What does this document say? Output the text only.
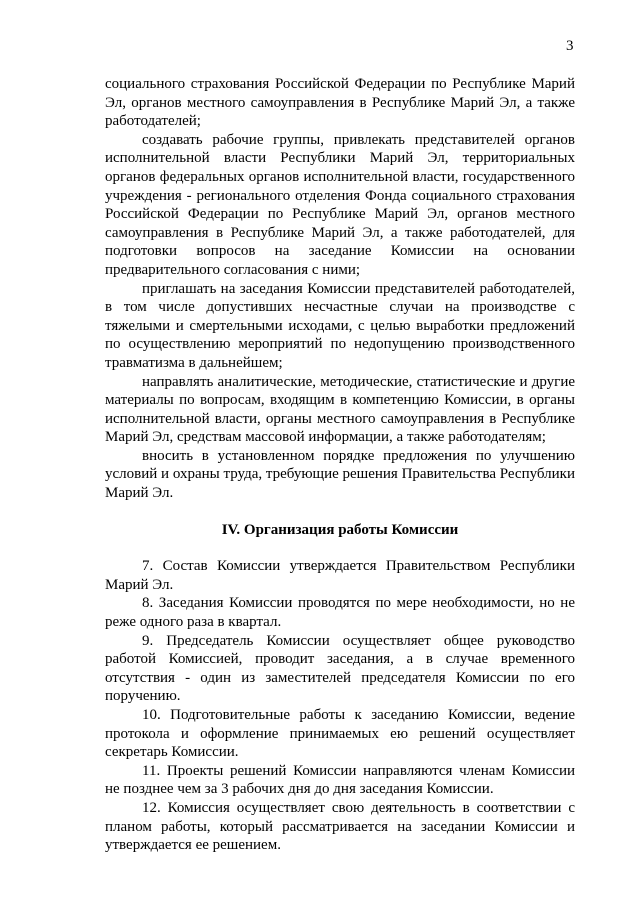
3

социального страхования Российской Федерации по Республике Марий Эл, органов местного самоуправления в Республике Марий Эл, а также работодателей;

создавать рабочие группы, привлекать представителей органов исполнительной власти Республики Марий Эл, территориальных органов федеральных органов исполнительной власти, государственного учреждения - регионального отделения Фонда социального страхования Российской Федерации по Республике Марий Эл, органов местного самоуправления в Республике Марий Эл, а также работодателей, для подготовки вопросов на заседание Комиссии на основании предварительного согласования с ними;

приглашать на заседания Комиссии представителей работодателей, в том числе допустивших несчастные случаи на производстве с тяжелыми и смертельными исходами, с целью выработки предложений по осуществлению мероприятий по недопущению производственного травматизма в дальнейшем;

направлять аналитические, методические, статистические и другие материалы по вопросам, входящим в компетенцию Комиссии, в органы исполнительной власти, органы местного самоуправления в Республике Марий Эл, средствам массовой информации, а также работодателям;

вносить в установленном порядке предложения по улучшению условий и охраны труда, требующие решения Правительства Республики Марий Эл.

IV. Организация работы Комиссии

7. Состав Комиссии утверждается Правительством Республики Марий Эл.

8. Заседания Комиссии проводятся по мере необходимости, но не реже одного раза в квартал.

9. Председатель Комиссии осуществляет общее руководство работой Комиссией, проводит заседания, а в случае временного отсутствия - один из заместителей председателя Комиссии по его поручению.

10. Подготовительные работы к заседанию Комиссии, ведение протокола и оформление принимаемых ею решений осуществляет секретарь Комиссии.

11. Проекты решений Комиссии направляются членам Комиссии не позднее чем за 3 рабочих дня до дня заседания Комиссии.

12. Комиссия осуществляет свою деятельность в соответствии с планом работы, который рассматривается на заседании Комиссии и утверждается ее решением.
